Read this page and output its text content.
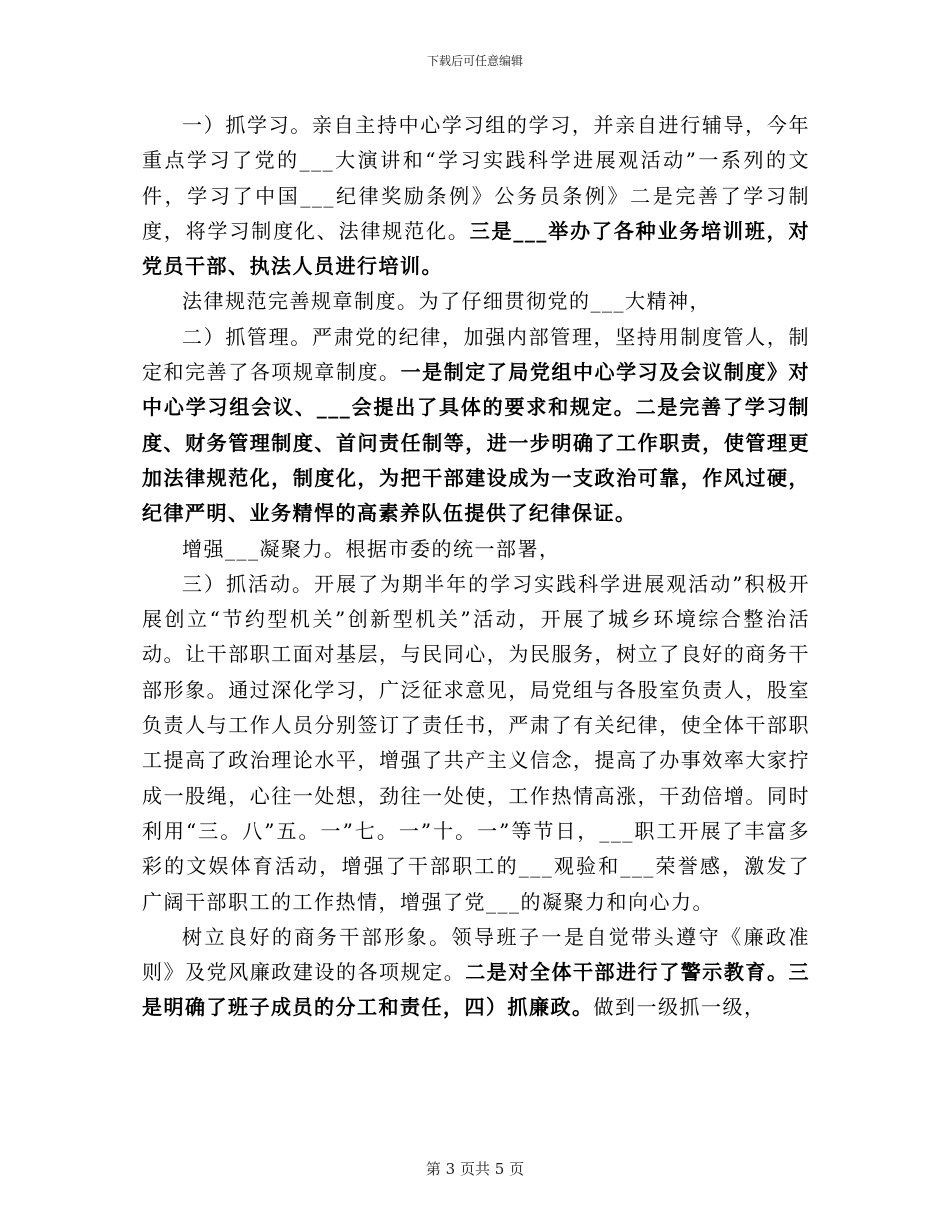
下载后可任意编辑

一）抓学习。亲自主持中心学习组的学习，并亲自进行辅导，今年重点学习了党的___大演讲和“学习实践科学进展观活动”一系列的文件，学习了中国___纪律奖励条例》公务员条例》二是完善了学习制度，将学习制度化、法律规范化。三是___举办了各种业务培训班，对党员干部、执法人员进行培训。

法律规范完善规章制度。为了仔细贯彻党的___大精神，

二）抓管理。严肃党的纪律，加强内部管理，坚持用制度管人，制定和完善了各项规章制度。一是制定了局党组中心学习及会议制度》对中心学习组会议、___会提出了具体的要求和规定。二是完善了学习制度、财务管理制度、首问责任制等，进一步明确了工作职责，使管理更加法律规范化，制度化，为把干部建设成为一支政治可靠，作风过硬，纪律严明、业务精悍的高素养队伍提供了纪律保证。

增强___凝聚力。根据市委的统一部署，

三）抓活动。开展了为期半年的学习实践科学进展观活动”积极开展创立“节约型机关”创新型机关”活动，开展了城乡环境综合整治活动。让干部职工面对基层，与民同心，为民服务，树立了良好的商务干部形象。通过深化学习，广泛征求意见，局党组与各股室负责人，股室负责人与工作人员分别签订了责任书，严肃了有关纪律，使全体干部职工提高了政治理论水平，增强了共产主义信念，提高了办事效率大家拧成一股绳，心往一处想，劲往一处使，工作热情高涨，干劲倍增。同时利用“三。八”五。一”七。一”十。一”等节日，___职工开展了丰富多彩的文娱体育活动，增强了干部职工的___观验和___荣誉感，激发了广阔干部职工的工作热情，增强了党___的凝聚力和向心力。

树立良好的商务干部形象。领导班子一是自觉带头遵守《廉政准则》及党风廉政建设的各项规定。二是对全体干部进行了警示教育。三是明确了班子成员的分工和责任，四）抓廉政。做到一级抓一级，

第 3 页共 5 页
